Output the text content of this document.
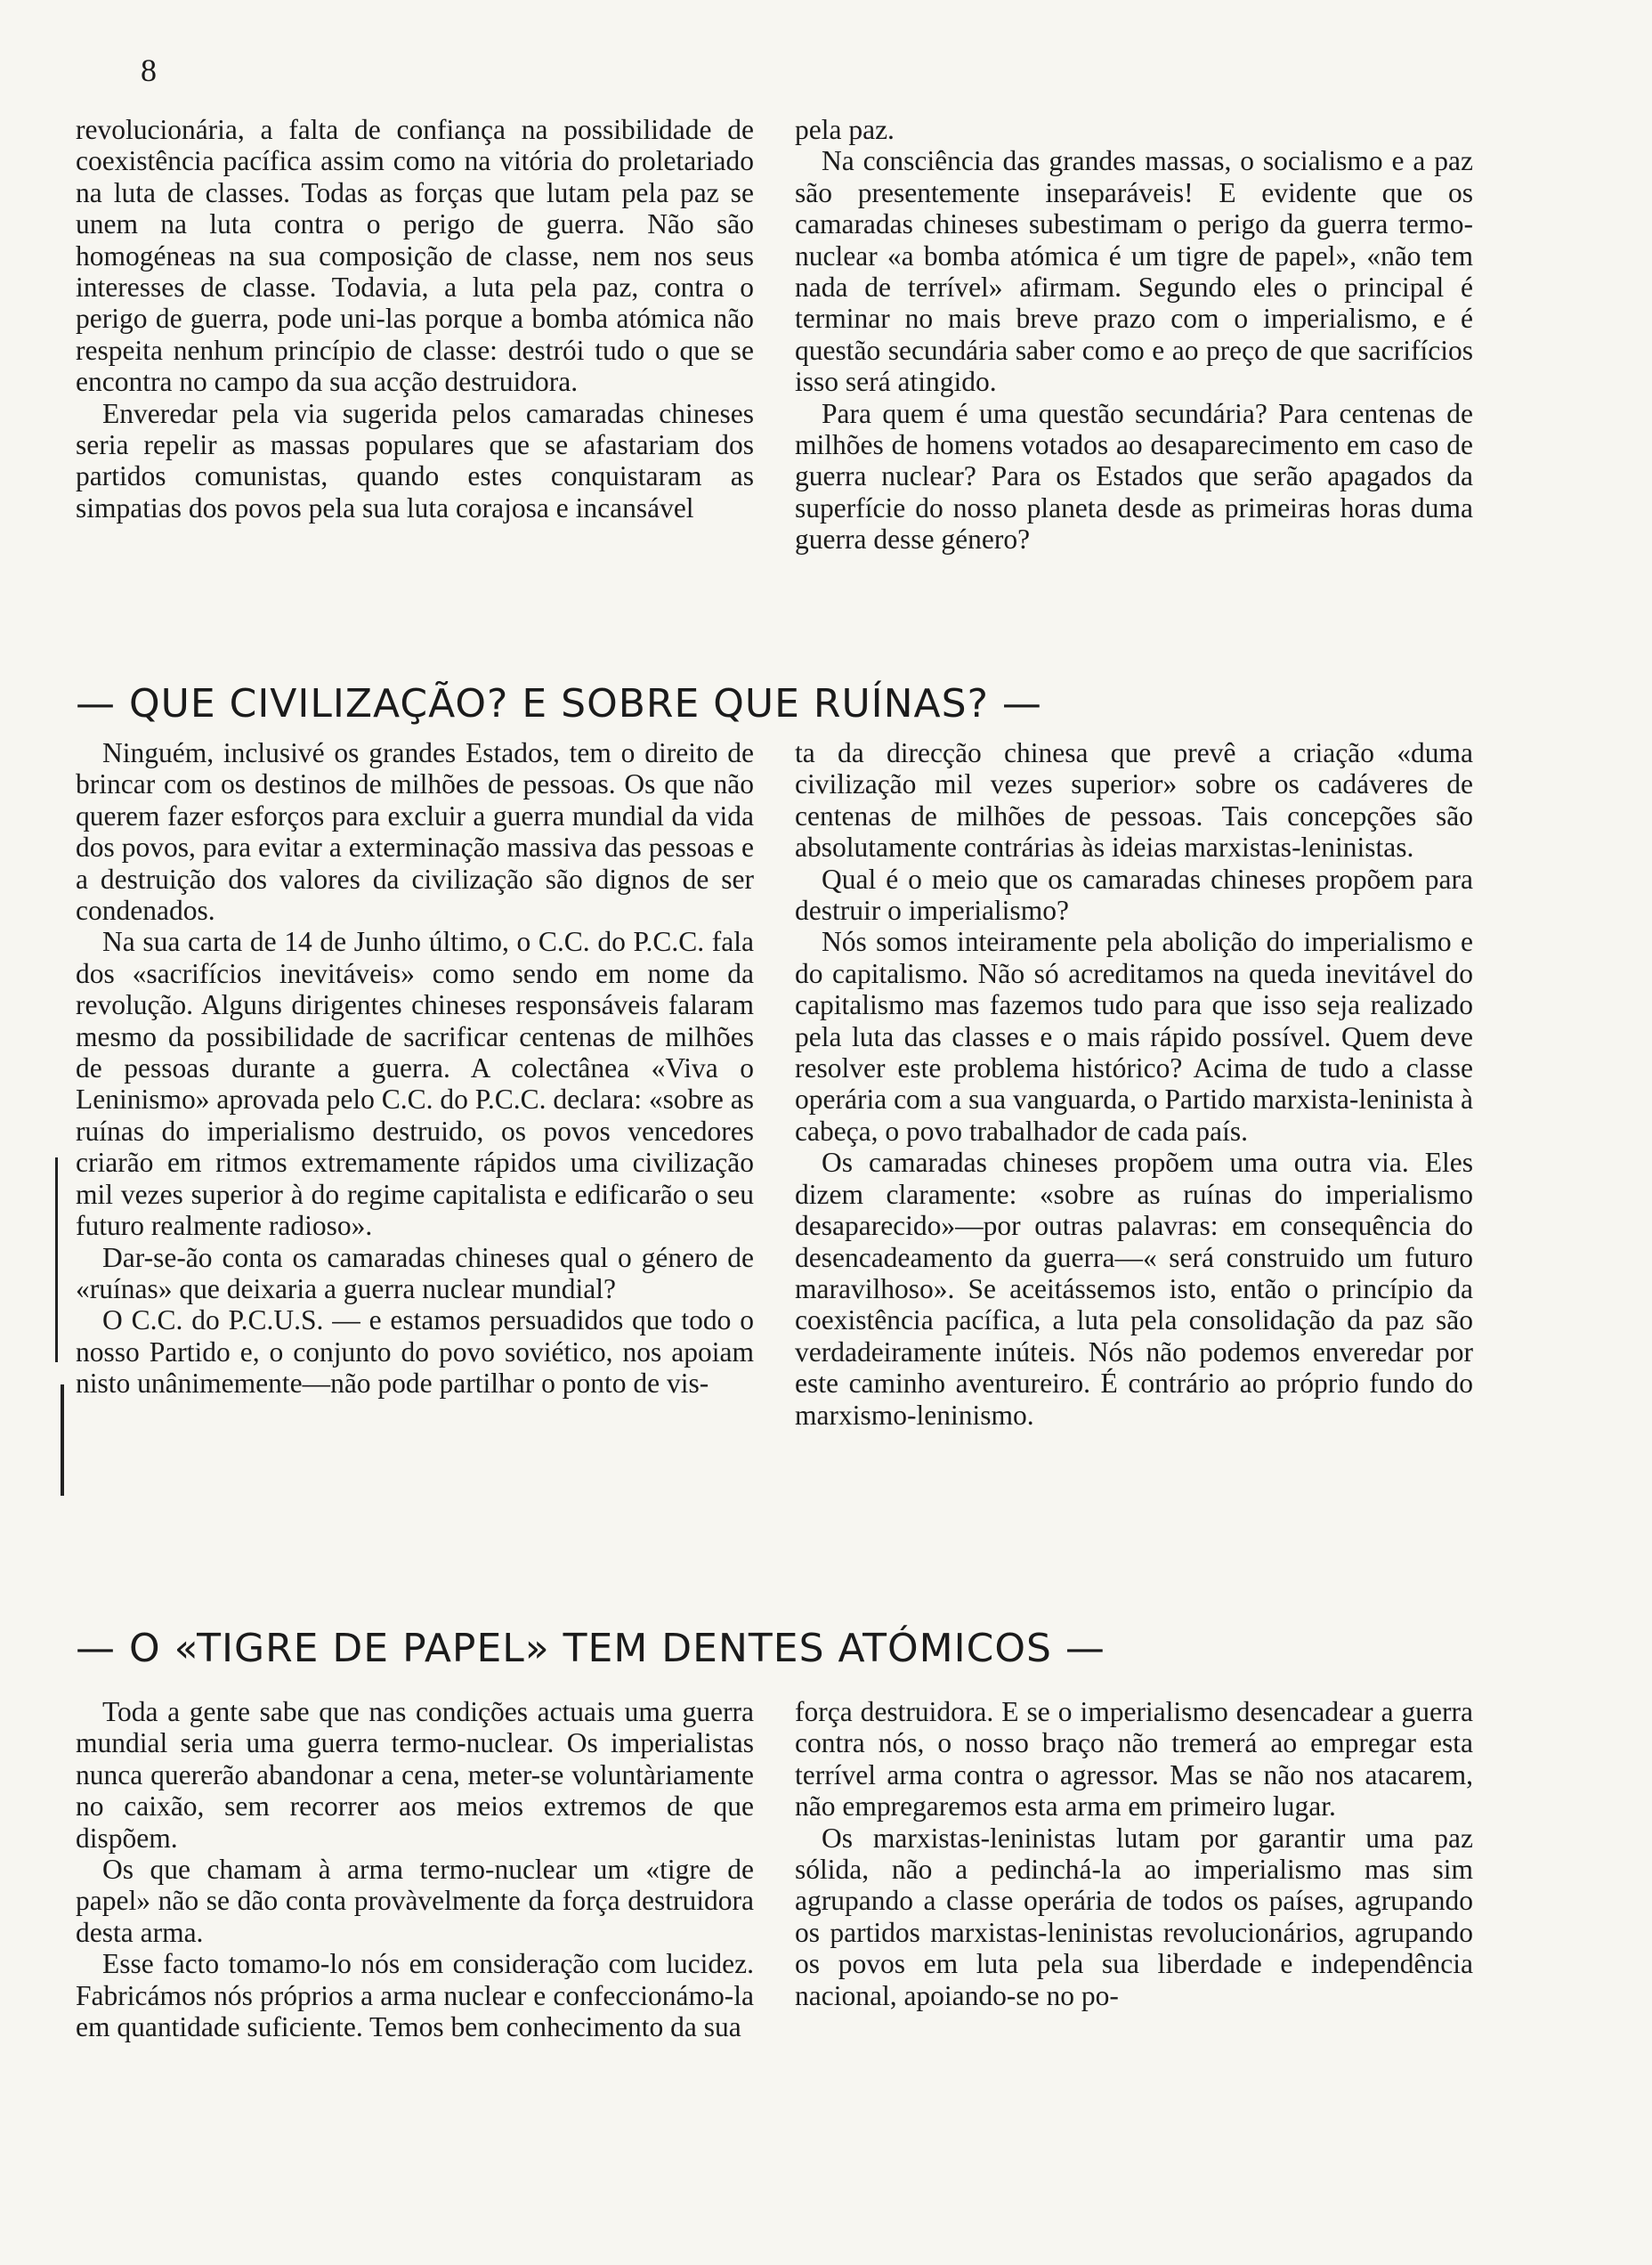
8

revolucionária, a falta de confiança na possibilidade de coexistência pacífica assim como na vitória do proletariado na luta de classes. Todas as forças que lutam pela paz se unem na luta contra o perigo de guerra. Não são homogéneas na sua composição de classe, nem nos seus interesses de classe. Todavia, a luta pela paz, contra o perigo de guerra, pode uni-las porque a bomba atómica não respeita nenhum princípio de classe: destrói tudo o que se encontra no campo da sua acção destruidora.

Enveredar pela via sugerida pelos camaradas chineses seria repelir as massas populares que se afastariam dos partidos comunistas, quando estes conquistaram as simpatias dos povos pela sua luta corajosa e incansável

pela paz.

Na consciência das grandes massas, o socialismo e a paz são presentemente inseparáveis! E evidente que os camaradas chineses subestimam o perigo da guerra termo-nuclear «a bomba atómica é um tigre de papel», «não tem nada de terrível» afirmam. Segundo eles o principal é terminar no mais breve prazo com o imperialismo, e é questão secundária saber como e ao preço de que sacrifícios isso será atingido.

Para quem é uma questão secundária? Para centenas de milhões de homens votados ao desaparecimento em caso de guerra nuclear? Para os Estados que serão apagados da superfície do nosso planeta desde as primeiras horas duma guerra desse género?

— QUE CIVILIZAÇÃO? E SOBRE QUE RUÍNAS? —

Ninguém, inclusivé os grandes Estados, tem o direito de brincar com os destinos de milhões de pessoas. Os que não querem fazer esforços para excluir a guerra mundial da vida dos povos, para evitar a exterminação massiva das pessoas e a destruição dos valores da civilização são dignos de ser condenados.

Na sua carta de 14 de Junho último, o C.C. do P.C.C. fala dos «sacrifícios inevitáveis» como sendo em nome da revolução. Alguns dirigentes chineses responsáveis falaram mesmo da possibilidade de sacrificar centenas de milhões de pessoas durante a guerra. A colectânea «Viva o Leninismo» aprovada pelo C.C. do P.C.C. declara: «sobre as ruínas do imperialismo destruido, os povos vencedores criarão em ritmos extremamente rápidos uma civilização mil vezes superior à do regime capitalista e edificarão o seu futuro realmente radioso».

Dar-se-ão conta os camaradas chineses qual o género de «ruínas» que deixaria a guerra nuclear mundial?

O C.C. do P.C.U.S. — e estamos persuadidos que todo o nosso Partido e, o conjunto do povo soviético, nos apoiam nisto unânimemente—não pode partilhar o ponto de vis-

ta da direcção chinesa que prevê a criação «duma civilização mil vezes superior» sobre os cadáveres de centenas de milhões de pessoas. Tais concepções são absolutamente contrárias às ideias marxistas-leninistas.

Qual é o meio que os camaradas chineses propõem para destruir o imperialismo?

Nós somos inteiramente pela abolição do imperialismo e do capitalismo. Não só acreditamos na queda inevitável do capitalismo mas fazemos tudo para que isso seja realizado pela luta das classes e o mais rápido possível. Quem deve resolver este problema histórico? Acima de tudo a classe operária com a sua vanguarda, o Partido marxista-leninista à cabeça, o povo trabalhador de cada país.

Os camaradas chineses propõem uma outra via. Eles dizem claramente: «sobre as ruínas do imperialismo desaparecido»—por outras palavras: em consequência do desencadeamento da guerra—« será construido um futuro maravilhoso». Se aceitássemos isto, então o princípio da coexistência pacífica, a luta pela consolidação da paz são verdadeiramente inúteis. Nós não podemos enveredar por este caminho aventureiro. É contrário ao próprio fundo do marxismo-leninismo.

— O «TIGRE DE PAPEL» TEM DENTES ATÓMICOS —

Toda a gente sabe que nas condições actuais uma guerra mundial seria uma guerra termo-nuclear. Os imperialistas nunca quererão abandonar a cena, meter-se voluntàriamente no caixão, sem recorrer aos meios extremos de que dispõem.

Os que chamam à arma termo-nuclear um «tigre de papel» não se dão conta provàvelmente da força destruidora desta arma.

Esse facto tomamo-lo nós em consideração com lucidez. Fabricámos nós próprios a arma nuclear e confeccionámo-la em quantidade suficiente. Temos bem conhecimento da sua

força destruidora. E se o imperialismo desencadear a guerra contra nós, o nosso braço não tremerá ao empregar esta terrível arma contra o agressor. Mas se não nos atacarem, não empregaremos esta arma em primeiro lugar.

Os marxistas-leninistas lutam por garantir uma paz sólida, não a pedinchá-la ao imperialismo mas sim agrupando a classe operária de todos os países, agrupando os partidos marxistas-leninistas revolucionários, agrupando os povos em luta pela sua liberdade e independência nacional, apoiando-se no po-
